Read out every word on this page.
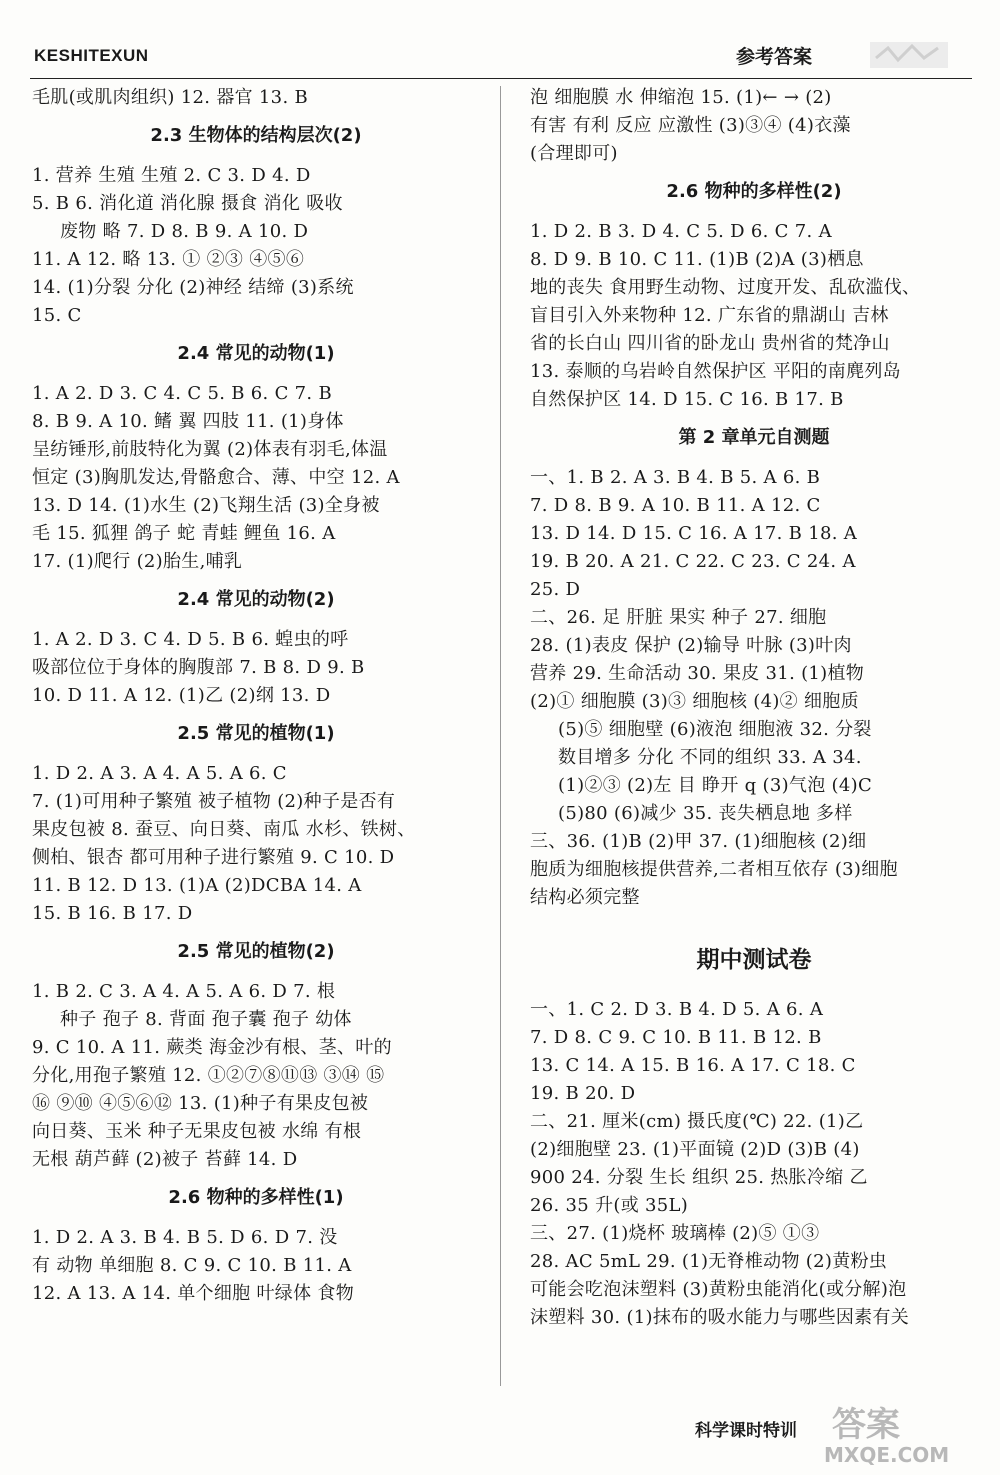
KESHITEXUN	参考答案
毛肌(或肌肉组织) 12. 器官 13. B
2.3 生物体的结构层次(2)
1. 营养 生殖 生殖 2. C 3. D 4. D
5. B 6. 消化道 消化腺 摄食 消化 吸收
废物 略 7. D 8. B 9. A 10. D
11. A 12. 略 13. ① ②③ ④⑤⑥
14. (1)分裂 分化 (2)神经 结缔 (3)系统
15. C
2.4 常见的动物(1)
1. A 2. D 3. C 4. C 5. B 6. C 7. B
8. B 9. A 10. 鳍 翼 四肢 11. (1)身体
呈纺锤形,前肢特化为翼 (2)体表有羽毛,体温
恒定 (3)胸肌发达,骨骼愈合、薄、中空 12. A
13. D 14. (1)水生 (2)飞翔生活 (3)全身被
毛 15. 狐狸 鸽子 蛇 青蛙 鲤鱼 16. A
17. (1)爬行 (2)胎生,哺乳
2.4 常见的动物(2)
1. A 2. D 3. C 4. D 5. B 6. 蝗虫的呼
吸部位位于身体的胸腹部 7. B 8. D 9. B
10. D 11. A 12. (1)乙 (2)纲 13. D
2.5 常见的植物(1)
1. D 2. A 3. A 4. A 5. A 6. C
7. (1)可用种子繁殖 被子植物 (2)种子是否有
果皮包被 8. 蚕豆、向日葵、南瓜 水杉、铁树、
侧柏、银杏 都可用种子进行繁殖 9. C 10. D
11. B 12. D 13. (1)A (2)DCBA 14. A
15. B 16. B 17. D
2.5 常见的植物(2)
1. B 2. C 3. A 4. A 5. A 6. D 7. 根
种子 孢子 8. 背面 孢子囊 孢子 幼体
9. C 10. A 11. 蕨类 海金沙有根、茎、叶的
分化,用孢子繁殖 12. ①②⑦⑧⑪⑬ ③⑭ ⑮
⑯ ⑨⑩ ④⑤⑥⑫ 13. (1)种子有果皮包被
向日葵、玉米 种子无果皮包被 水绵 有根
无根 葫芦藓 (2)被子 苔藓 14. D
2.6 物种的多样性(1)
1. D 2. A 3. B 4. B 5. D 6. D 7. 没
有 动物 单细胞 8. C 9. C 10. B 11. A
12. A 13. A 14. 单个细胞 叶绿体 食物
泡 细胞膜 水 伸缩泡 15. (1)← → (2)
有害 有利 反应 应激性 (3)③④ (4)衣藻
(合理即可)
2.6 物种的多样性(2)
1. D 2. B 3. D 4. C 5. D 6. C 7. A
8. D 9. B 10. C 11. (1)B (2)A (3)栖息
地的丧失 食用野生动物、过度开发、乱砍滥伐、
盲目引入外来物种 12. 广东省的鼎湖山 吉林
省的长白山 四川省的卧龙山 贵州省的梵净山
13. 泰顺的乌岩岭自然保护区 平阳的南麂列岛
自然保护区 14. D 15. C 16. B 17. B
第 2 章单元自测题
一、1. B 2. A 3. B 4. B 5. A 6. B
7. D 8. B 9. A 10. B 11. A 12. C
13. D 14. D 15. C 16. A 17. B 18. A
19. B 20. A 21. C 22. C 23. C 24. A
25. D
二、26. 足 肝脏 果实 种子 27. 细胞
28. (1)表皮 保护 (2)输导 叶脉 (3)叶肉
营养 29. 生命活动 30. 果皮 31. (1)植物
(2)① 细胞膜 (3)③ 细胞核 (4)② 细胞质
(5)⑤ 细胞壁 (6)液泡 细胞液 32. 分裂
数目增多 分化 不同的组织 33. A 34.
(1)②③ (2)左 目 睁开 q (3)气泡 (4)C
(5)80 (6)减少 35. 丧失栖息地 多样
三、36. (1)B (2)甲 37. (1)细胞核 (2)细
胞质为细胞核提供营养,二者相互依存 (3)细胞
结构必须完整
期中测试卷
一、1. C 2. D 3. B 4. D 5. A 6. A
7. D 8. C 9. C 10. B 11. B 12. B
13. C 14. A 15. B 16. A 17. C 18. C
19. B 20. D
二、21. 厘米(cm) 摄氏度(℃) 22. (1)乙
(2)细胞壁 23. (1)平面镜 (2)D (3)B (4)
900 24. 分裂 生长 组织 25. 热胀冷缩 乙
26. 35 升(或 35L)
三、27. (1)烧杯 玻璃棒 (2)⑤ ①③
28. AC 5mL 29. (1)无脊椎动物 (2)黄粉虫
可能会吃泡沫塑料 (3)黄粉虫能消化(或分解)泡
沫塑料 30. (1)抹布的吸水能力与哪些因素有关
科学课时特训 答案
MXQE.COM
